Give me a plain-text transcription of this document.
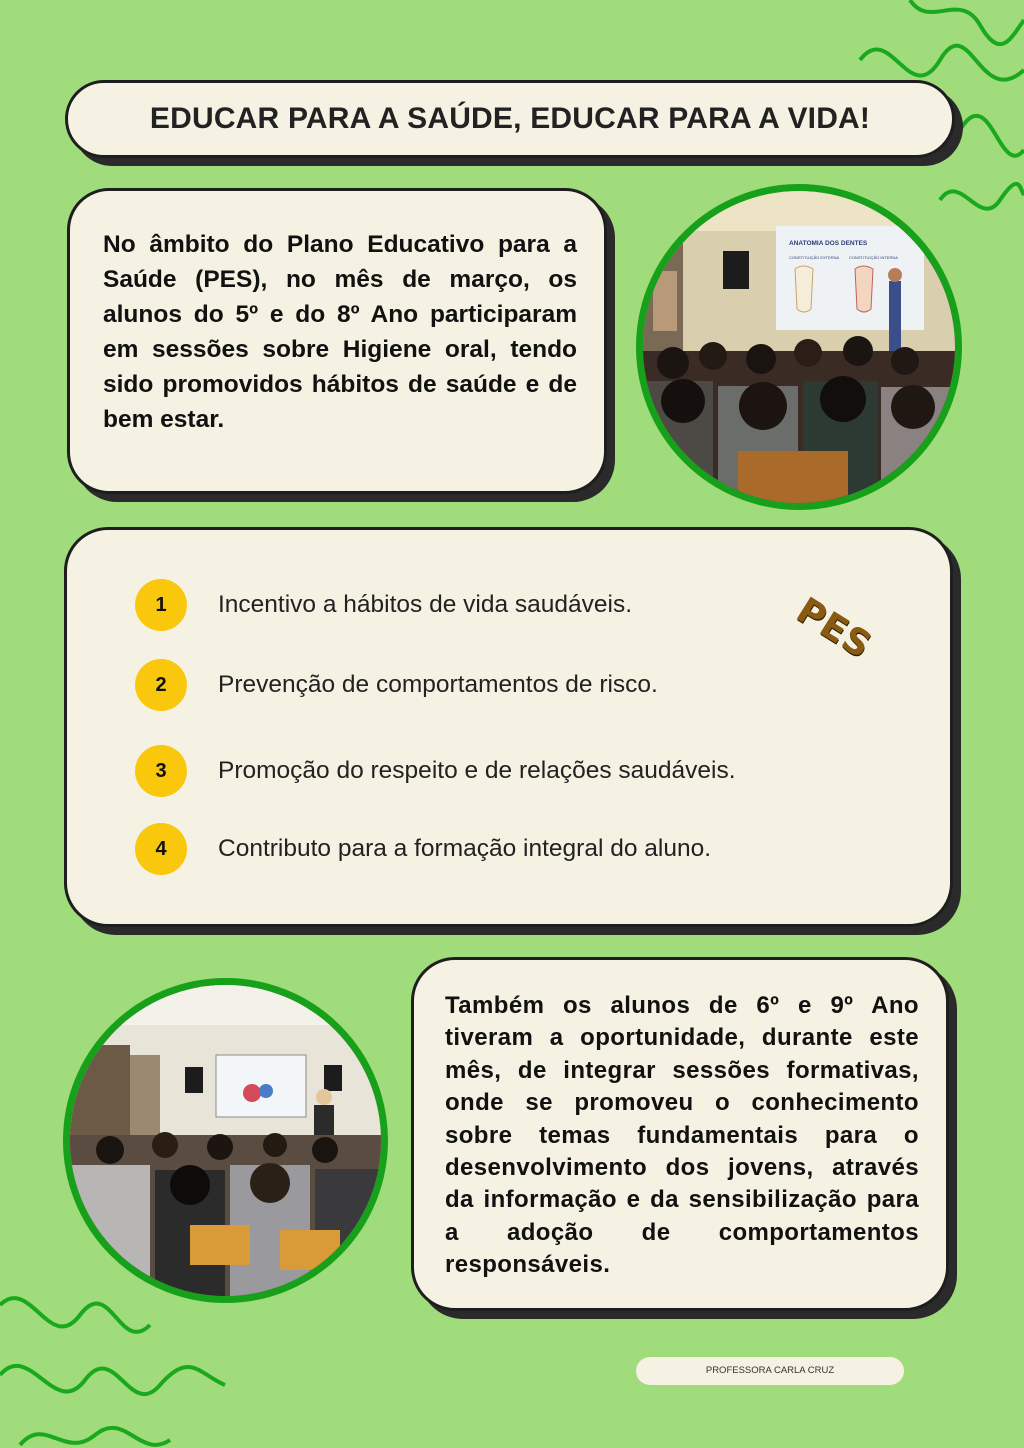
EDUCAR PARA A SAÚDE, EDUCAR PARA A VIDA!

No âmbito do Plano Educativo para a Saúde (PES), no mês de março, os alunos do 5º e do 8º Ano participaram em sessões sobre Higiene oral, tendo sido promovidos hábitos de saúde e de bem estar.

ANATOMIA DOS DENTES
CONSTITUIÇÃO EXTERNA CONSTITUIÇÃO INTERNA
1	Incentivo a hábitos de vida saudáveis.
2	Prevenção de comportamentos de risco.
3	Promoção do respeito e de relações saudáveis.
4	Contributo para a formação integral do aluno.
PES

Também os alunos de 6º e 9º Ano tiveram a oportunidade, durante este mês, de integrar sessões formativas, onde se promoveu o conhecimento sobre temas fundamentais para o desenvolvimento dos jovens, através da informação e da sensibilização para a adoção de comportamentos responsáveis.

PROFESSORA CARLA CRUZ
